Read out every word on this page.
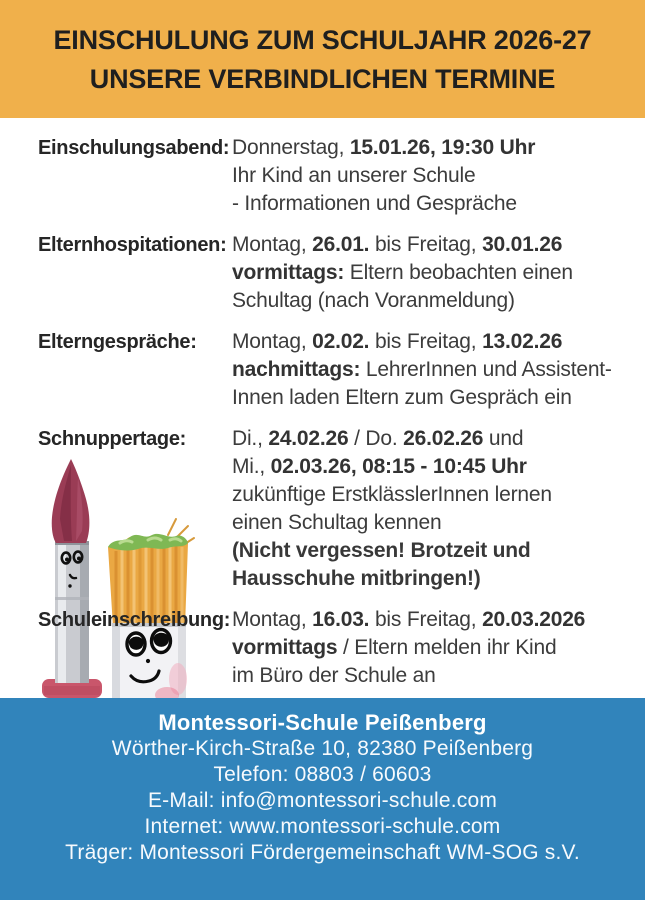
EINSCHULUNG ZUM SCHULJAHR 2026-27
UNSERE VERBINDLICHEN TERMINE
Einschulungsabend: Donnerstag, 15.01.26, 19:30 Uhr
Ihr Kind an unserer Schule
- Informationen und Gespräche
Elternhospitationen: Montag, 26.01. bis Freitag, 30.01.26
vormittags: Eltern beobachten einen
Schultag (nach Voranmeldung)
Elterngespräche:	Montag, 02.02. bis Freitag, 13.02.26
nachmittags: LehrerInnen und Assistent-
Innen laden Eltern zum Gespräch ein
Schnuppertage:	Di., 24.02.26 / Do. 26.02.26 und
Mi., 02.03.26, 08:15 - 10:45 Uhr
zukünftige ErstklässlerInnen lernen
einen Schultag kennen
(Nicht vergessen! Brotzeit und
Hausschuhe mitbringen!)
Schuleinschreibung: Montag, 16.03. bis Freitag, 20.03.2026
vormittags / Eltern melden ihr Kind
im Büro der Schule an
Montessori-Schule Peißenberg
Wörther-Kirch-Straße 10, 82380 Peißenberg
Telefon: 08803 / 60603
E-Mail: info@montessori-schule.com
Internet: www.montessori-schule.com
Träger: Montessori Fördergemeinschaft WM-SOG s.V.
